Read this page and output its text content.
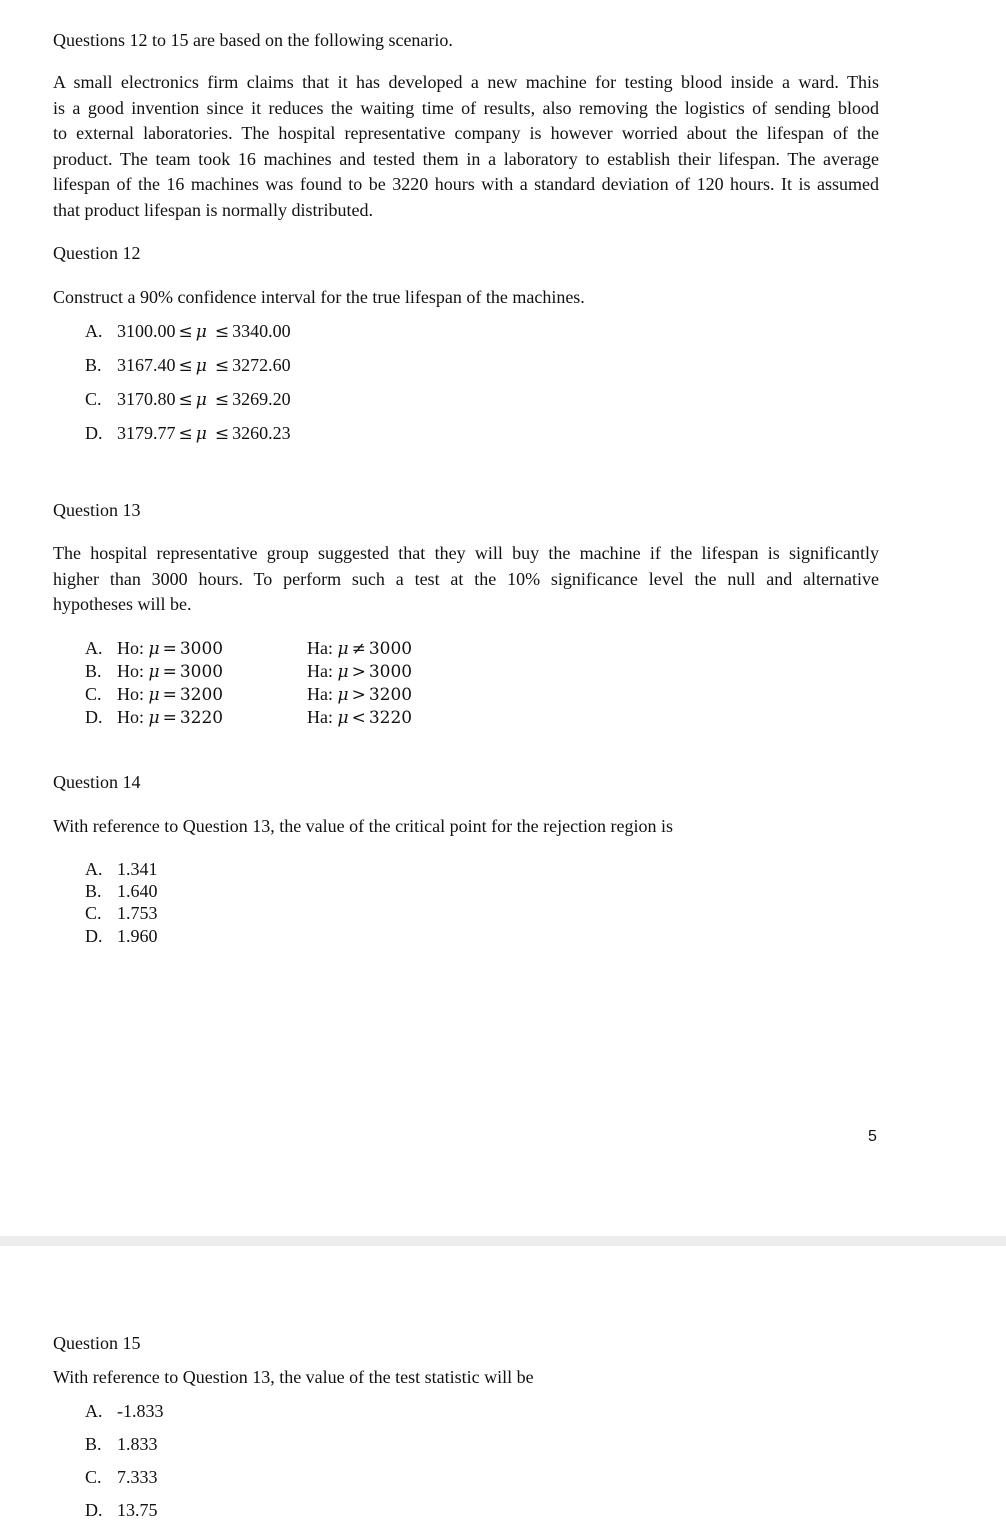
Questions 12 to 15 are based on the following scenario.
A small electronics firm claims that it has developed a new machine for testing blood inside a ward. This
is a good invention since it reduces the waiting time of results, also removing the logistics of sending blood
to external laboratories. The hospital representative company is however worried about the lifespan of the
product. The team took 16 machines and tested them in a laboratory to establish their lifespan. The average
lifespan of the 16 machines was found to be 3220 hours with a standard deviation of 120 hours. It is assumed
that product lifespan is normally distributed.
Question 12
Construct a 90% confidence interval for the true lifespan of the machines.
A. 3100.00 ≤ μ ≤ 3340.00
B. 3167.40 ≤ μ ≤ 3272.60
C. 3170.80 ≤ μ ≤ 3269.20
D. 3179.77 ≤ μ ≤ 3260.23
Question 13
The hospital representative group suggested that they will buy the machine if the lifespan is significantly
higher than 3000 hours. To perform such a test at the 10% significance level the null and alternative
hypotheses will be.
A. Ho: μ = 3000	Ha: μ ≠ 3000
B. Ho: μ = 3000	Ha: μ > 3000
C. Ho: μ = 3200	Ha: μ > 3200
D. Ho: μ = 3220	Ha: μ < 3220
Question 14
With reference to Question 13, the value of the critical point for the rejection region is
A. 1.341
B. 1.640
C. 1.753
D. 1.960
5
Question 15
With reference to Question 13, the value of the test statistic will be
A. -1.833
B. 1.833
C. 7.333
D. 13.75
